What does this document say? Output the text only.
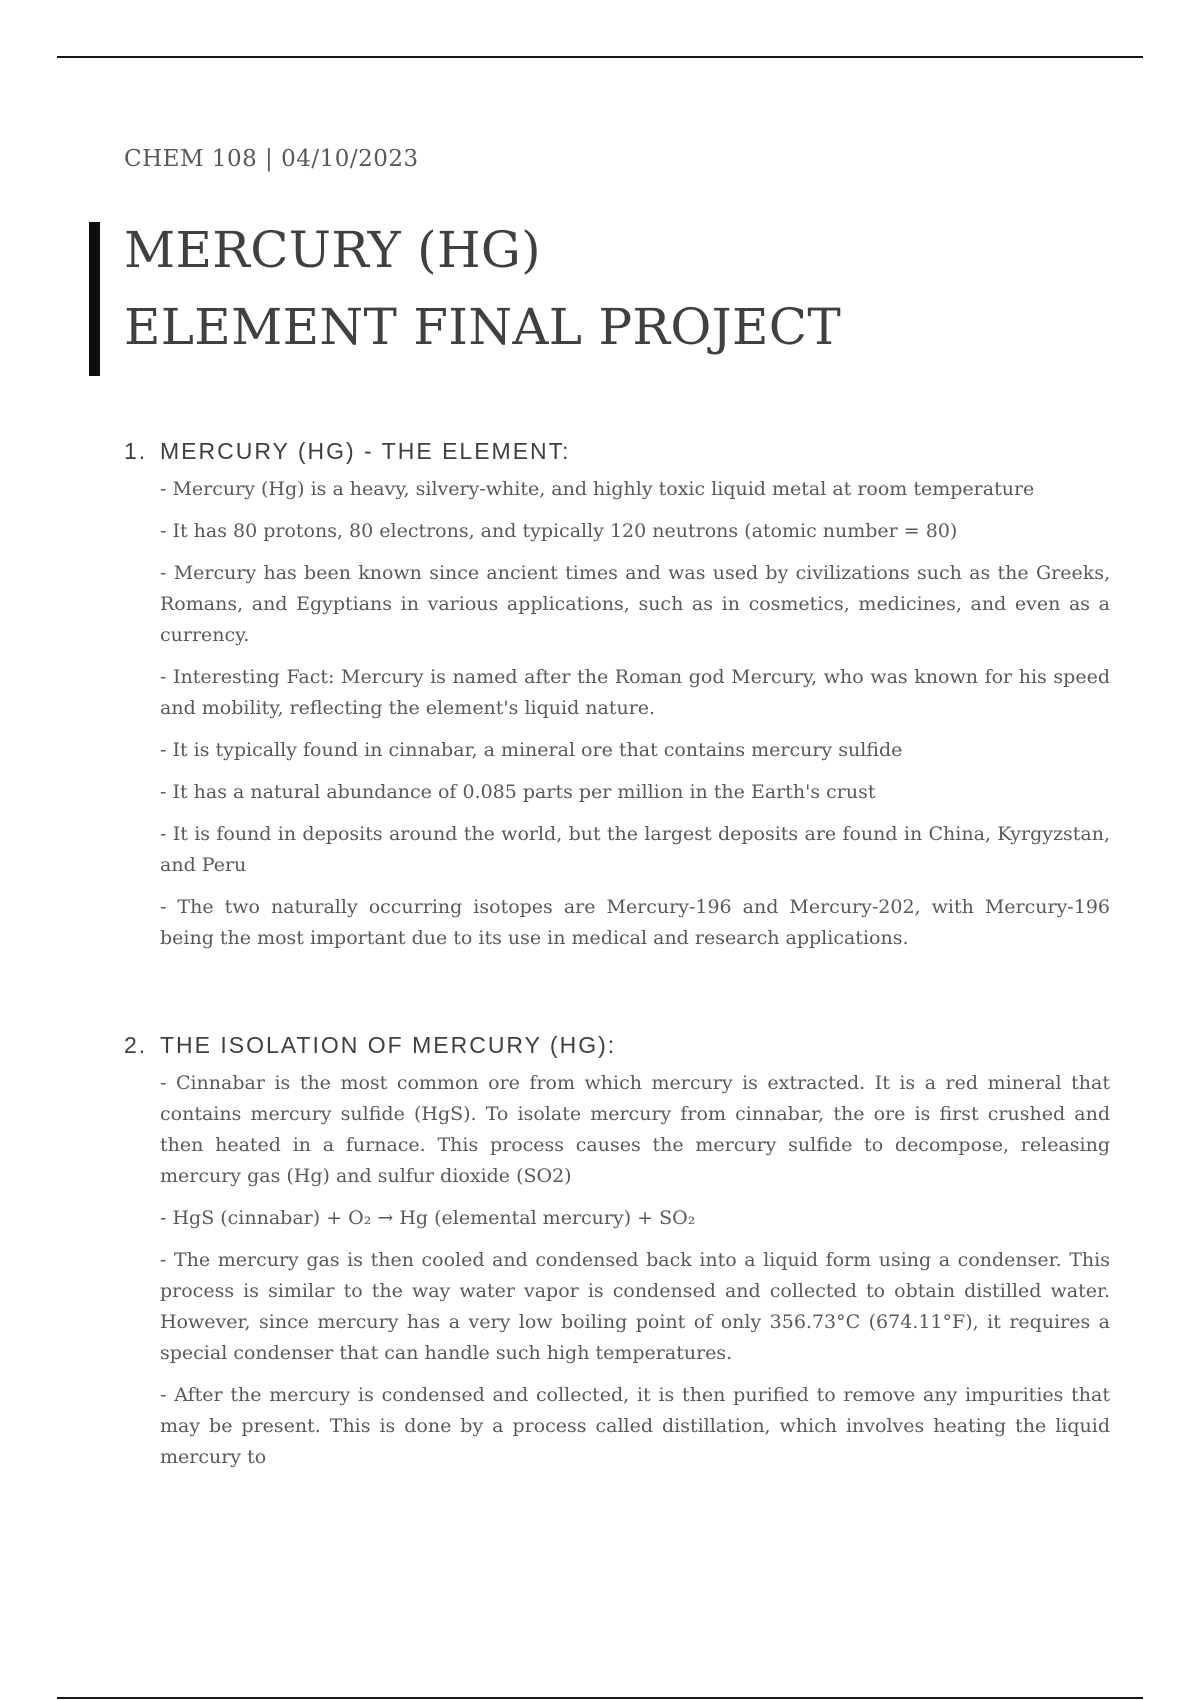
CHEM 108 | 04/10/2023
MERCURY (HG)
ELEMENT FINAL PROJECT
1. MERCURY (HG) - THE ELEMENT:

- Mercury (Hg) is a heavy, silvery-white, and highly toxic liquid metal at room temperature

- It has 80 protons, 80 electrons, and typically 120 neutrons (atomic number = 80)

- Mercury has been known since ancient times and was used by civilizations such as the Greeks, Romans, and Egyptians in various applications, such as in cosmetics, medicines, and even as a currency.

- Interesting Fact: Mercury is named after the Roman god Mercury, who was known for his speed and mobility, reflecting the element's liquid nature.

- It is typically found in cinnabar, a mineral ore that contains mercury sulfide

- It has a natural abundance of 0.085 parts per million in the Earth's crust

- It is found in deposits around the world, but the largest deposits are found in China, Kyrgyzstan, and Peru

- The two naturally occurring isotopes are Mercury-196 and Mercury-202, with Mercury-196 being the most important due to its use in medical and research applications.

2. THE ISOLATION OF MERCURY (HG):

- Cinnabar is the most common ore from which mercury is extracted. It is a red mineral that contains mercury sulfide (HgS). To isolate mercury from cinnabar, the ore is first crushed and then heated in a furnace. This process causes the mercury sulfide to decompose, releasing mercury gas (Hg) and sulfur dioxide (SO2)

- HgS (cinnabar) + O₂ → Hg (elemental mercury) + SO₂

- The mercury gas is then cooled and condensed back into a liquid form using a condenser. This process is similar to the way water vapor is condensed and collected to obtain distilled water. However, since mercury has a very low boiling point of only 356.73°C (674.11°F), it requires a special condenser that can handle such high temperatures.

- After the mercury is condensed and collected, it is then purified to remove any impurities that may be present. This is done by a process called distillation, which involves heating the liquid mercury to
